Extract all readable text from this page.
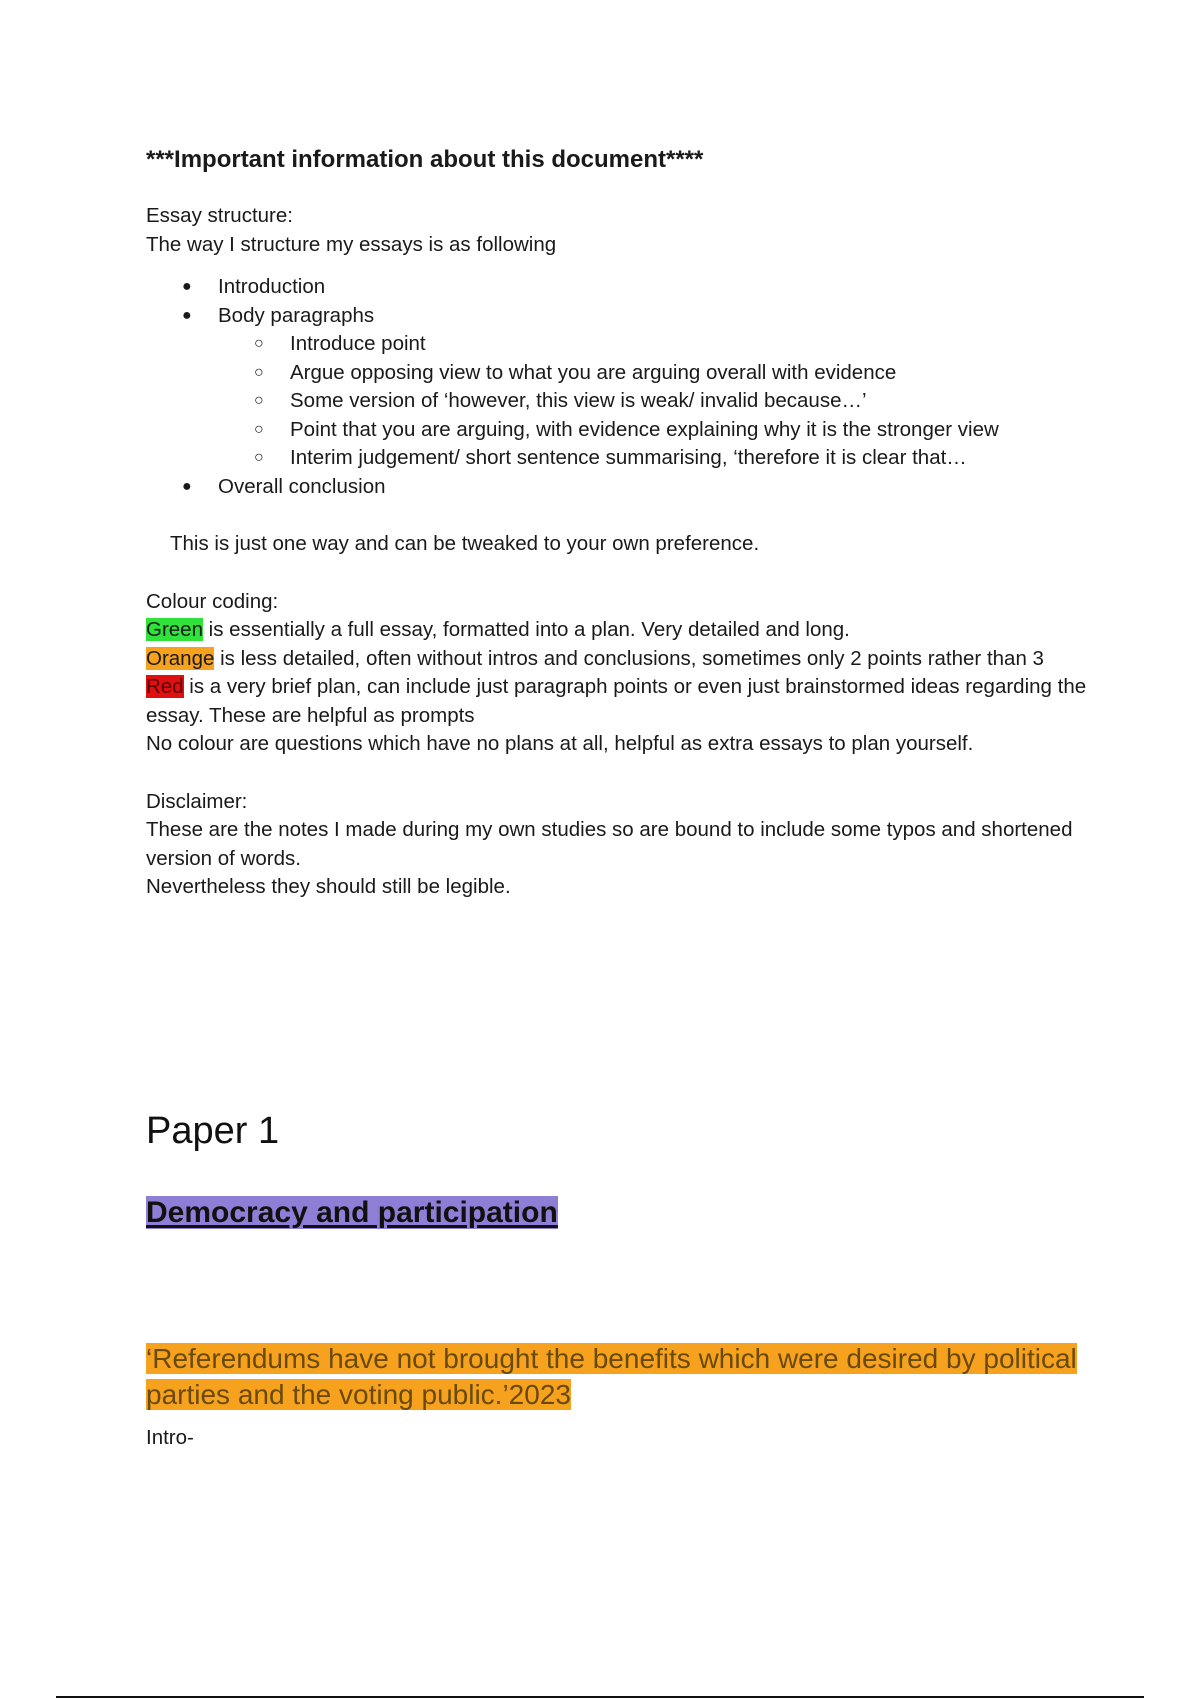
***Important information about this document****

Essay structure:

The way I structure my essays is as following

● Introduction
● Body paragraphs
○ Introduce point
○ Argue opposing view to what you are arguing overall with evidence
○ Some version of ‘however, this view is weak/ invalid because…’
○ Point that you are arguing, with evidence explaining why it is the stronger view
○ Interim judgement/ short sentence summarising, ‘therefore it is clear that…
● Overall conclusion

This is just one way and can be tweaked to your own preference.

Colour coding:

Green is essentially a full essay, formatted into a plan. Very detailed and long.

Orange is less detailed, often without intros and conclusions, sometimes only 2 points rather than 3

Red is a very brief plan, can include just paragraph points or even just brainstormed ideas regarding the essay. These are helpful as prompts

No colour are questions which have no plans at all, helpful as extra essays to plan yourself.

Disclaimer:

These are the notes I made during my own studies so are bound to include some typos and shortened version of words.

Nevertheless they should still be legible.

Paper 1
Democracy and participation

‘Referendums have not brought the benefits which were desired by political parties and the voting public.’2023

Intro-
